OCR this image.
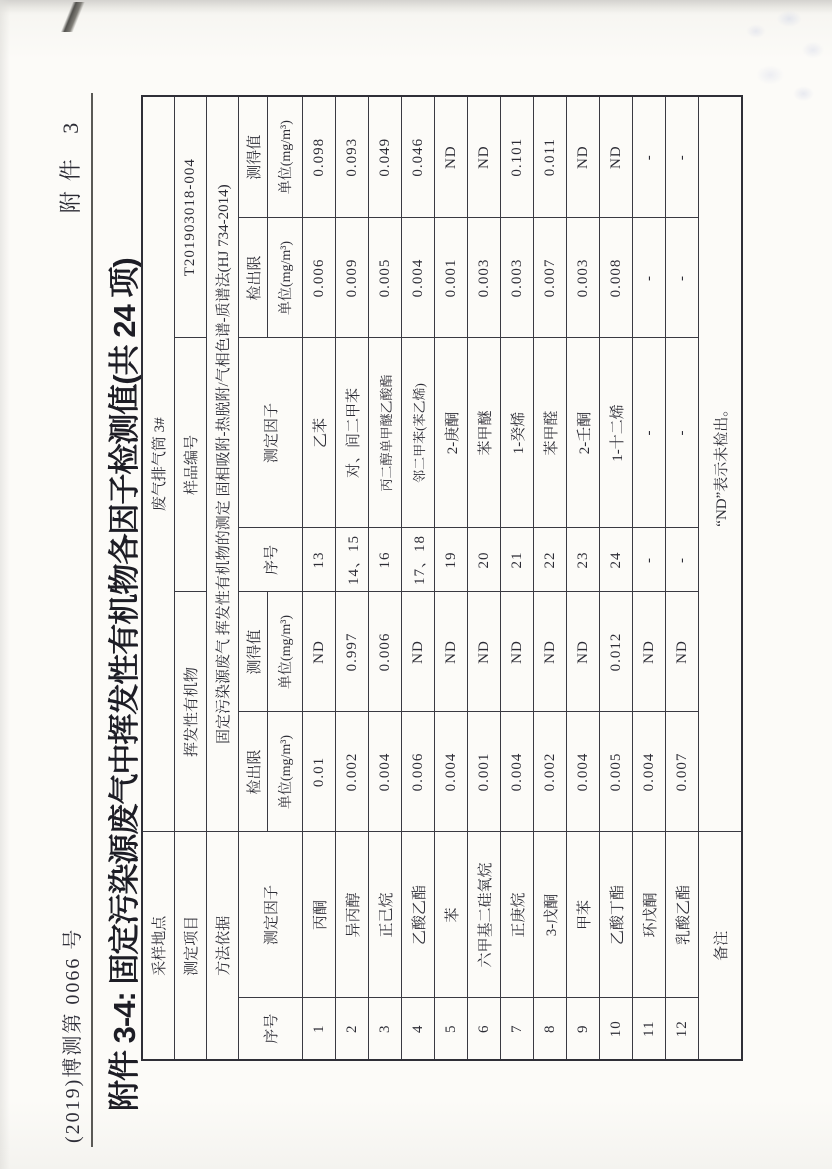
(2019)博测第 0066 号
附件 3
附件 3-4: 固定污染源废气中挥发性有机物各因子检测值(共 24 项) 采样地点		废气排气筒 3#					
测定项目		挥发性有机物		样品编号		T201903018-004	
方法依据		固定污染源废气 挥发性有机物的测定 固相吸附-热脱附/气相色谱-质谱法(HJ 734-2014)					
序号	测定因子	检出限	测得值	序号	测定因子	检出限	测得值
		单位(mg/m³)	单位(mg/m³)			单位(mg/m³)	单位(mg/m³)
1	丙酮	0.01	ND	13	乙苯	0.006	0.098
2	异丙醇	0.002	0.997	14、15	对、间二甲苯	0.009	0.093
3	正己烷	0.004	0.006	16	丙二醇单甲醚乙酸酯	0.005	0.049
4	乙酸乙酯	0.006	ND	17、18	邻二甲苯(苯乙烯)	0.004	0.046
5	苯	0.004	ND	19	2-庚酮	0.001	ND
6	六甲基二硅氧烷	0.001	ND	20	苯甲醚	0.003	ND
7	正庚烷	0.004	ND	21	1-癸烯	0.003	0.101
8	3-戊酮	0.002	ND	22	苯甲醛	0.007	0.011
9	甲苯	0.004	ND	23	2-壬酮	0.003	ND
10	乙酸丁酯	0.005	0.012	24	1-十二烯	0.008	ND
11	环戊酮	0.004	ND	-	-	-	-
12	乳酸乙酯	0.007	ND	-	-	-	-
备注		“ND”表示未检出。					
